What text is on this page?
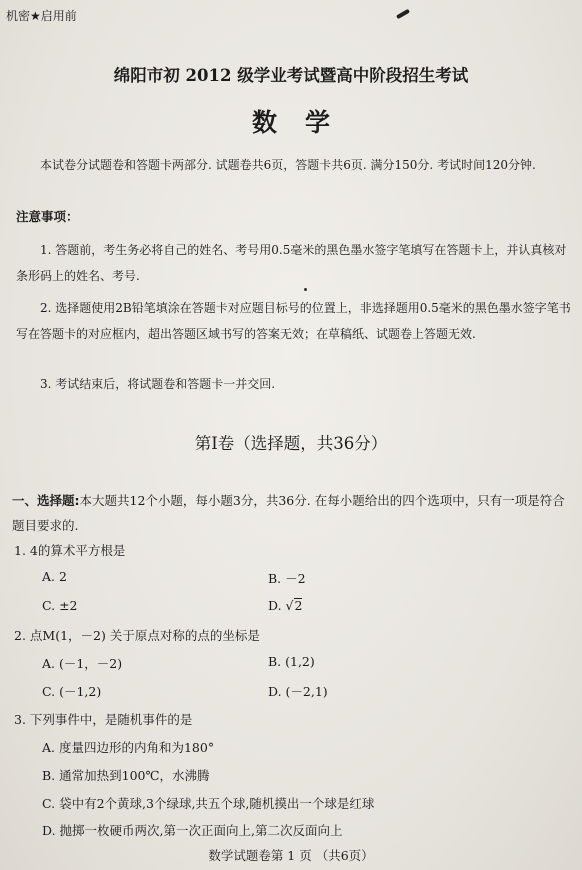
机密★启用前
绵阳市初 2012 级学业考试暨高中阶段招生考试
数学
本试卷分试题卷和答题卡两部分. 试题卷共6页，答题卡共6页. 满分150分. 考试时间120分钟.
注意事项：
1. 答题前，考生务必将自己的姓名、考号用0.5毫米的黑色墨水签字笔填写在答题卡上，并认真核对条形码上的姓名、考号.
2. 选择题使用2B铅笔填涂在答题卡对应题目标号的位置上，非选择题用0.5毫米的黑色墨水签字笔书写在答题卡的对应框内，超出答题区域书写的答案无效；在草稿纸、试题卷上答题无效.
3. 考试结束后，将试题卷和答题卡一并交回.
第Ⅰ卷（选择题，共36分）
一、选择题:本大题共12个小题，每小题3分，共36分. 在每小题给出的四个选项中，只有一项是符合题目要求的.
1. 4的算术平方根是
A. 2	B. －2
C. ±2	D. √2
2. 点M(1，－2) 关于原点对称的点的坐标是
A. (－1，－2)	B. (1,2)
C. (－1,2)	D. (－2,1)
3. 下列事件中，是随机事件的是
A. 度量四边形的内角和为180°
B. 通常加热到100℃，水沸腾
C. 袋中有2个黄球,3个绿球,共五个球,随机摸出一个球是红球
D. 抛掷一枚硬币两次,第一次正面向上,第二次反面向上
数学试题卷第 1 页 （共6页）
